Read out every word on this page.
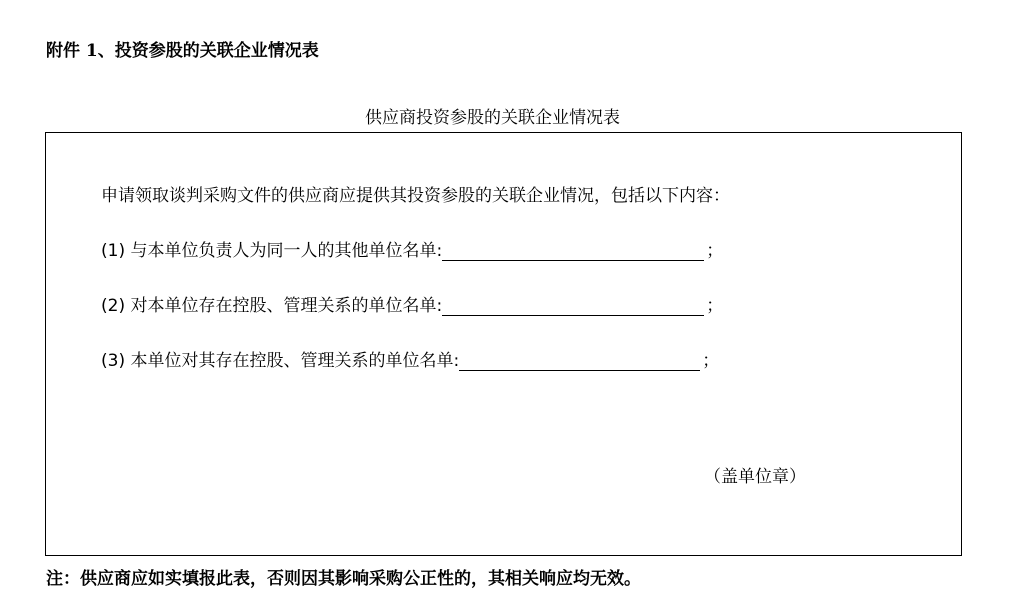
附件 1、投资参股的关联企业情况表
供应商投资参股的关联企业情况表
申请领取谈判采购文件的供应商应提供其投资参股的关联企业情况，包括以下内容：
(1) 与本单位负责人为同一人的其他单位名单:	；
(2) 对本单位存在控股、管理关系的单位名单:	；
(3) 本单位对其存在控股、管理关系的单位名单:	；
（盖单位章）
注：供应商应如实填报此表，否则因其影响采购公正性的，其相关响应均无效。
